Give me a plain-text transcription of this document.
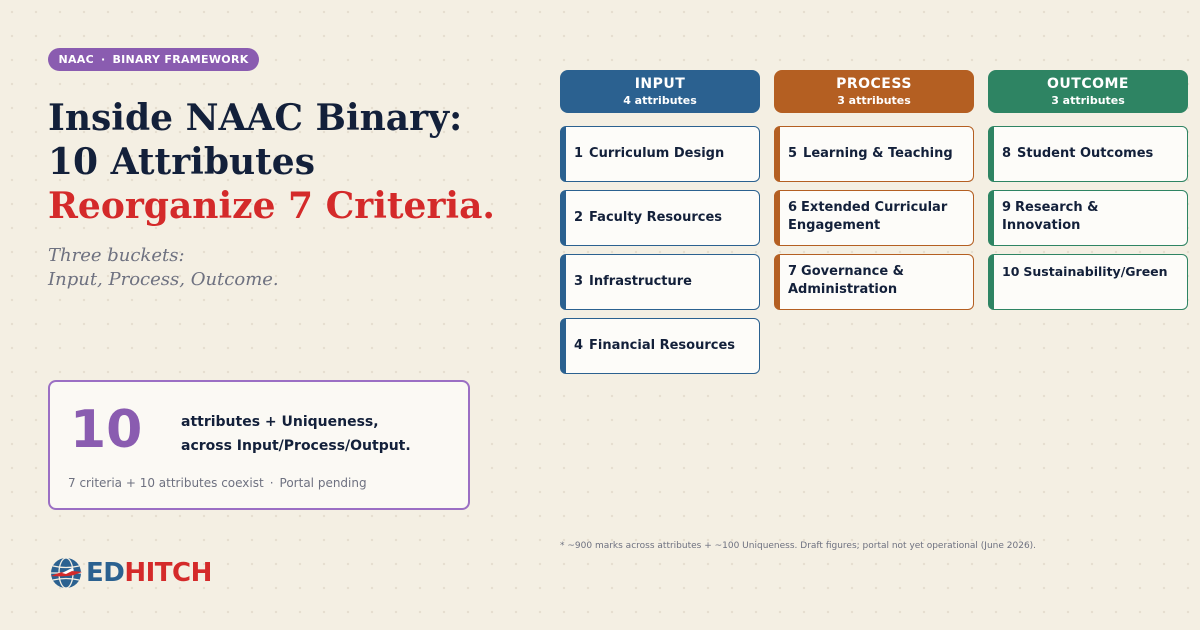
NAAC · BINARY FRAMEWORK
Inside NAAC Binary:
10 Attributes
Reorganize 7 Criteria.
Three buckets:
Input, Process, Outcome.
10	attributes + Uniqueness,
across Input/Process/Output.
7 criteria + 10 attributes coexist · Portal pending
INPUT
4 attributes
PROCESS
3 attributes
OUTCOME
3 attributes
1 Curriculum Design
2 Faculty Resources
3 Infrastructure
4 Financial Resources
5 Learning & Teaching
6 Extended Curricular Engagement
7 Governance & Administration
8 Student Outcomes
9 Research & Innovation
10 Sustainability/Green
* ~900 marks across attributes + ~100 Uniqueness. Draft figures; portal not yet operational (June 2026).
EDHITCH
